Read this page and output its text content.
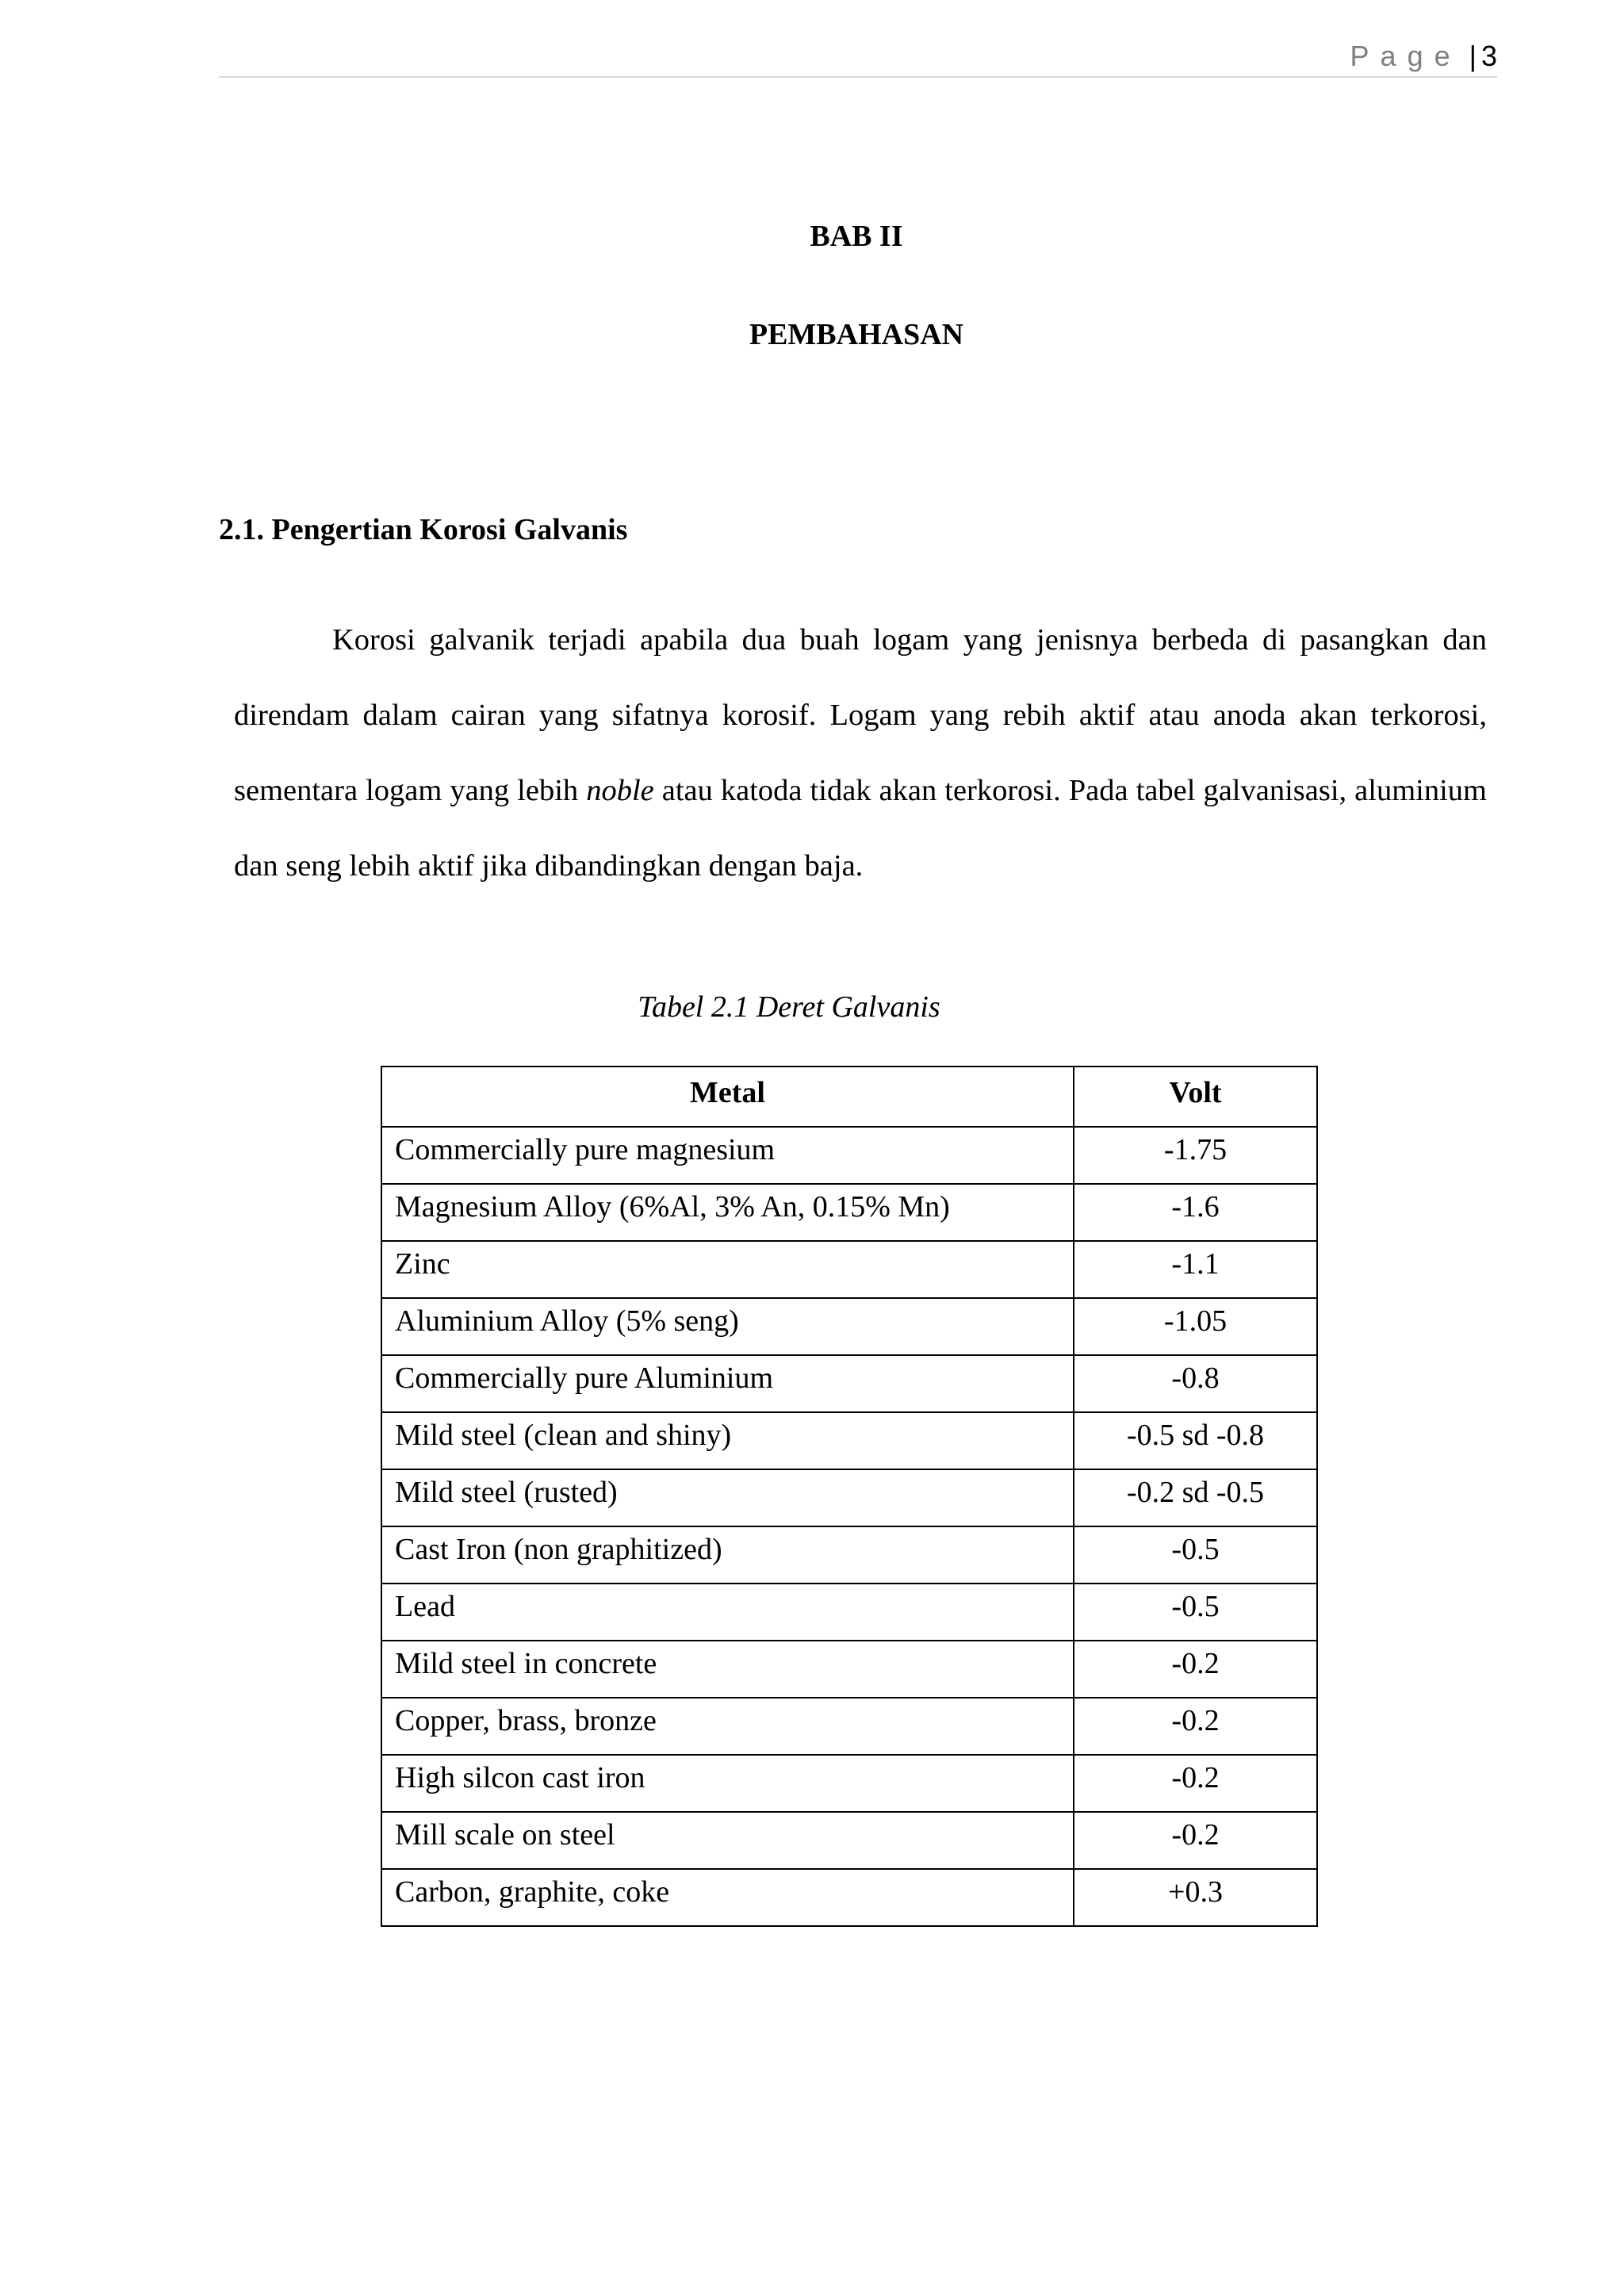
Page | 3
BAB II
PEMBAHASAN
2.1. Pengertian Korosi Galvanis

Korosi galvanik terjadi apabila dua buah logam yang jenisnya berbeda di pasangkan dan direndam dalam cairan yang sifatnya korosif. Logam yang rebih aktif atau anoda akan terkorosi, sementara logam yang lebih noble atau katoda tidak akan terkorosi. Pada tabel galvanisasi, aluminium dan seng lebih aktif jika dibandingkan dengan baja.

Tabel 2.1 Deret Galvanis
Metal	Volt
Commercially pure magnesium	-1.75
Magnesium Alloy (6%Al, 3% An, 0.15% Mn)	-1.6
Zinc	-1.1
Aluminium Alloy (5% seng)	-1.05
Commercially pure Aluminium	-0.8
Mild steel (clean and shiny)	-0.5 sd -0.8
Mild steel (rusted)	-0.2 sd -0.5
Cast Iron (non graphitized)	-0.5
Lead	-0.5
Mild steel in concrete	-0.2
Copper, brass, bronze	-0.2
High silcon cast iron	-0.2
Mill scale on steel	-0.2
Carbon, graphite, coke	+0.3
